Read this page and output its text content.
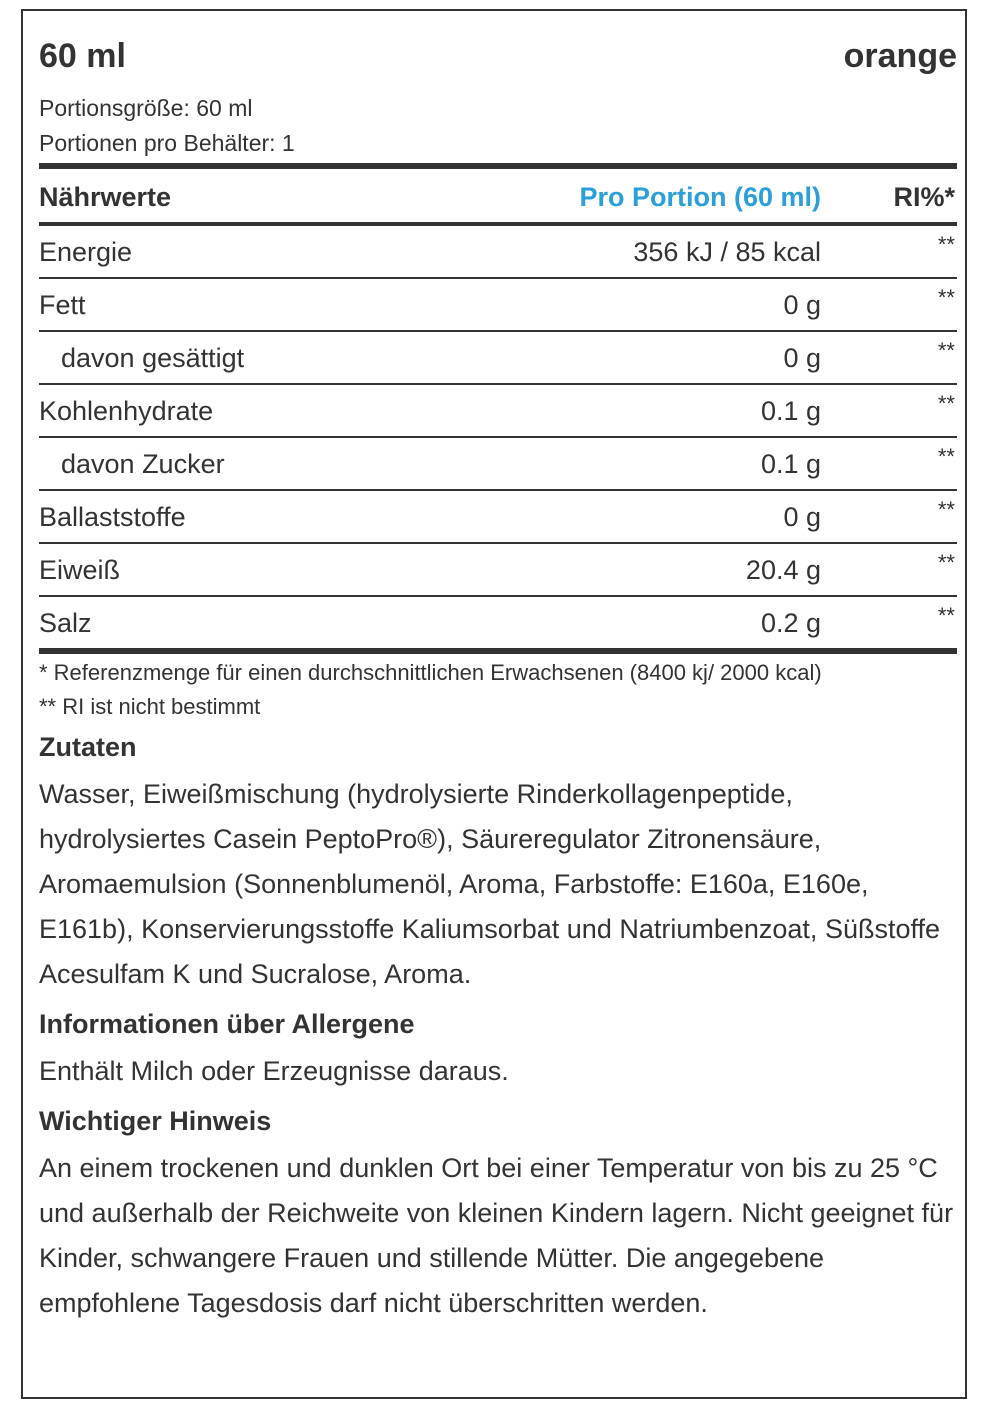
60 ml	orange
Portionsgröße: 60 ml
Portionen pro Behälter: 1
Nährwerte	Pro Portion (60 ml)	RI%*
Energie	356 kJ / 85 kcal	**
Fett	0 g	**
davon gesättigt	0 g	**
Kohlenhydrate	0.1 g	**
davon Zucker	0.1 g	**
Ballaststoffe	0 g	**
Eiweiß	20.4 g	**
Salz	0.2 g	**
* Referenzmenge für einen durchschnittlichen Erwachsenen (8400 kj/ 2000 kcal)
** RI ist nicht bestimmt
Zutaten
Wasser, Eiweißmischung (hydrolysierte Rinderkollagenpeptide, hydrolysiertes Casein PeptoPro®), Säureregulator Zitronensäure, Aromaemulsion (Sonnenblumenöl, Aroma, Farbstoffe: E160a, E160e, E161b), Konservierungsstoffe Kaliumsorbat und Natriumbenzoat, Süßstoffe Acesulfam K und Sucralose, Aroma.
Informationen über Allergene
Enthält Milch oder Erzeugnisse daraus.
Wichtiger Hinweis
An einem trockenen und dunklen Ort bei einer Temperatur von bis zu 25 °C und außerhalb der Reichweite von kleinen Kindern lagern. Nicht geeignet für Kinder, schwangere Frauen und stillende Mütter. Die angegebene empfohlene Tagesdosis darf nicht überschritten werden.
